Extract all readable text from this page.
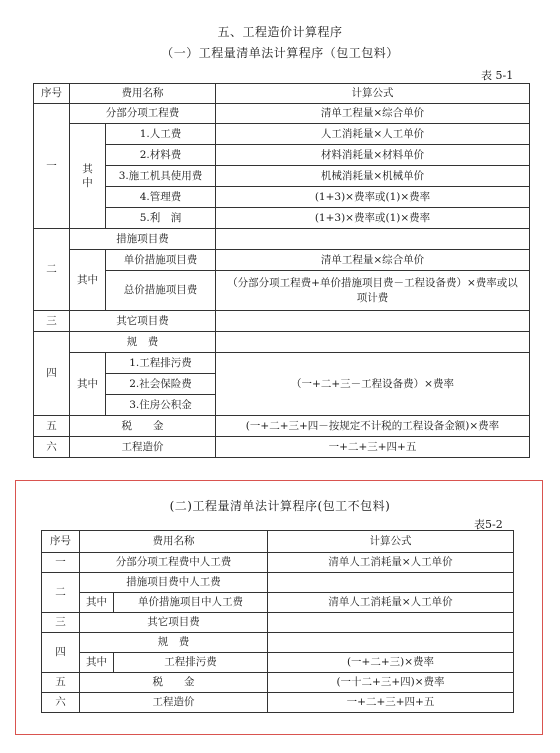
五、工程造价计算程序
（一）工程量清单法计算程序（包工包料）
表 5-1
序号	费用名称		计算公式
一	分部分项工程费		清单工程量×综合单价
	其中	1.人工费	人工消耗量×人工单价
		2.材料费	材料消耗量×材料单价
		3.施工机具使用费	机械消耗量×机械单价
		4.管理费	(1+3)×费率或(1)×费率
		5.利　润	(1+3)×费率或(1)×费率
二	措施项目费		
	其中	单价措施项目费	清单工程量×综合单价
		总价措施项目费	（分部分项工程费+单价措施项目费－工程设备费）×费率或以项计费
三	其它项目费		
四	规　费		
	其中	1.工程排污费	（一+二+三－工程设备费）×费率
		2.社会保险费	
		3.住房公积金	
五	税　　金		(一+二+三+四－按规定不计税的工程设备金额)×费率
六	工程造价		一+二+三+四+五
(二)工程量清单法计算程序(包工不包料)
表5-2
序号	费用名称		计算公式
一	分部分项工程费中人工费		清单人工消耗量×人工单价
二	措施项目费中人工费		
	其中	单价措施项目中人工费	清单人工消耗量×人工单价
三	其它项目费		
四	规　费		
	其中	工程排污费	(一+二+三)×费率
五	税　　金		(一十二+三+四)×费率
六	工程造价		一+二+三+四+五
